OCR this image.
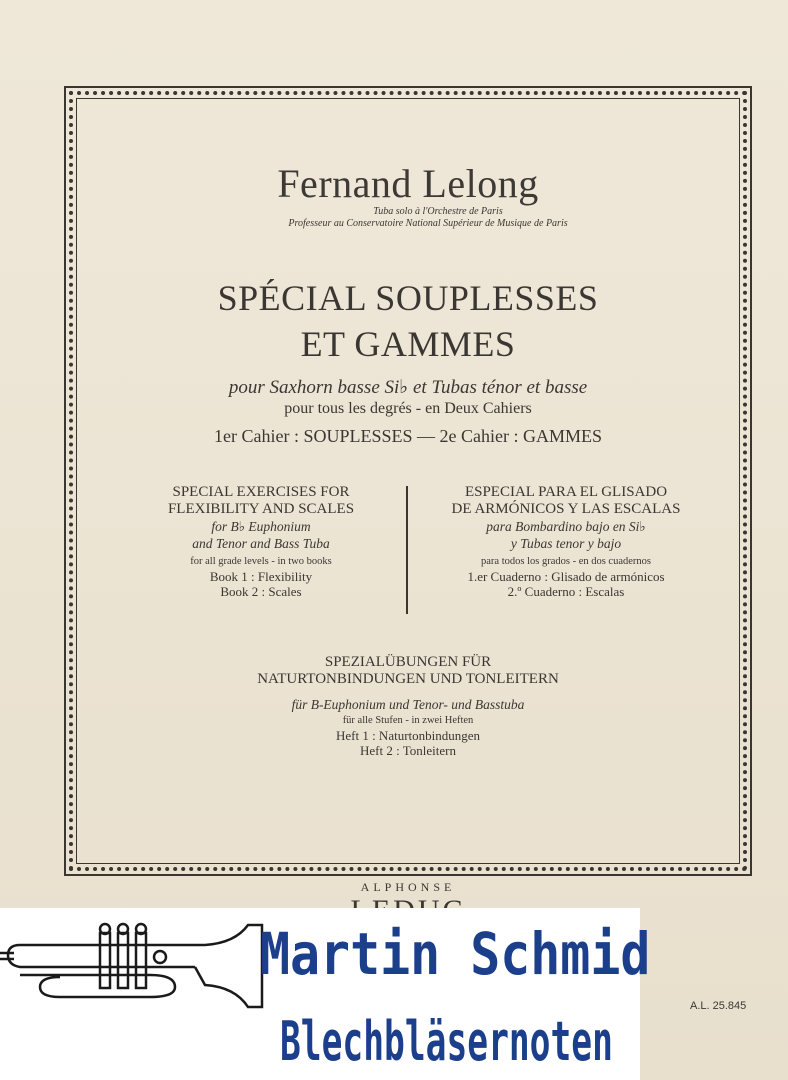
Fernand Lelong
Tuba solo à l'Orchestre de Paris
Professeur au Conservatoire National Supérieur de Musique de Paris
SPÉCIAL SOUPLESSES
ET GAMMES
pour Saxhorn basse Si♭ et Tubas ténor et basse
pour tous les degrés - en Deux Cahiers
1er Cahier : SOUPLESSES — 2e Cahier : GAMMES
SPECIAL EXERCISES FOR
FLEXIBILITY AND SCALES
for B♭ Euphonium
and Tenor and Bass Tuba
for all grade levels - in two books
Book 1 : Flexibility
Book 2 : Scales
ESPECIAL PARA EL GLISADO
DE ARMÓNICOS Y LAS ESCALAS
para Bombardino bajo en Si♭
y Tubas tenor y bajo
para todos los grados - en dos cuadernos
1.er Cuaderno : Glisado de armónicos
2.º Cuaderno : Escalas
SPEZIALÜBUNGEN FÜR
NATURTONBINDUNGEN UND TONLEITERN
für B-Euphonium und Tenor- und Basstuba
für alle Stufen - in zwei Heften
Heft 1 : Naturtonbindungen
Heft 2 : Tonleitern
ALPHONSE
A.L. 25.845
Martin Schmid
Blechbläsernoten
